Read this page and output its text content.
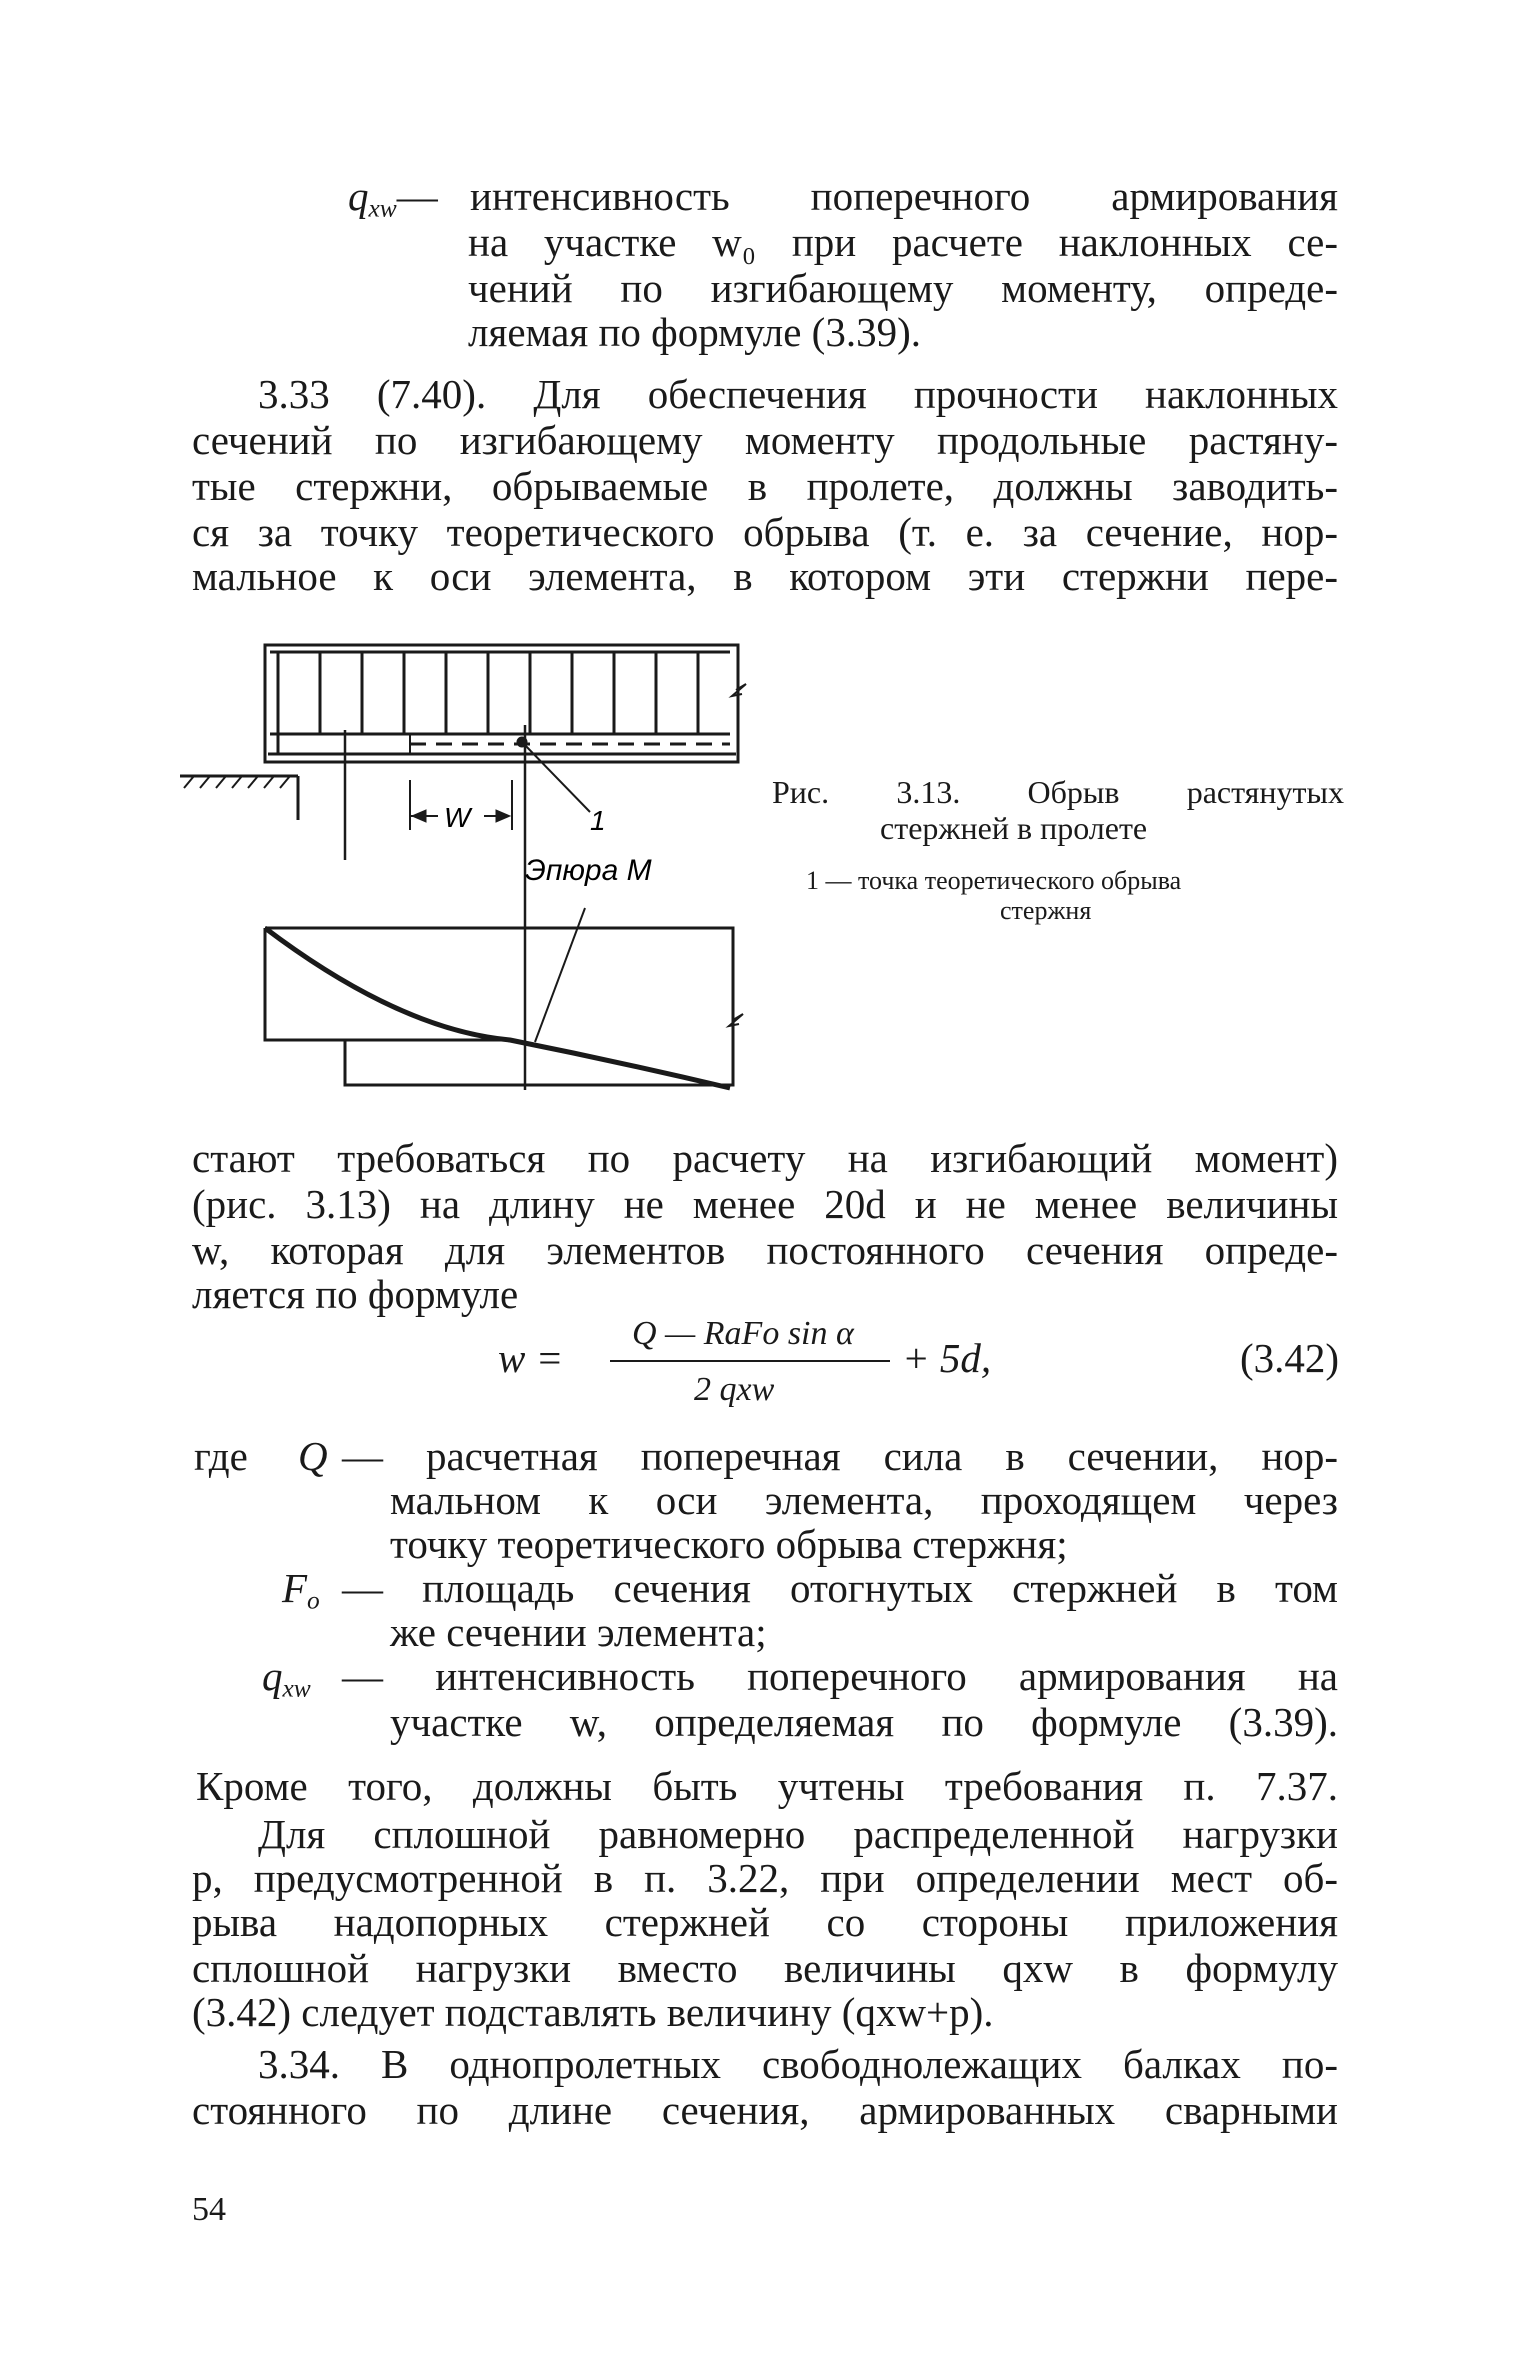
$q_{xw}—$ интенсивность поперечного армирования
на участке w₀ при расчете наклонных се-
чений по изгибающему моменту, опреде-
ляемая по формуле (3.39).
3.33 (7.40). Для обеспечения прочности наклонных
сечений по изгибающему моменту продольные растяну-
тые стержни, обрываемые в пролете, должны заводить-
ся за точку теоретического обрыва (т. е. за сечение, нор-
мальное к оси элемента, в котором эти стержни пере-
W	1
Эпюра M
Рис. 3.13. Обрыв растянутых
стержней в пролете
1 — точка теоретического обрыва
стержня
стают требоваться по расчету на изгибающий момент)
(рис. 3.13) на длину не менее 20d и не менее величины
w, которая для элементов постоянного сечения опреде-
ляется по формуле
w =
Q — RaFo sin α
2 qxw
+ 5d,	(3.42)
где Q — расчетная поперечная сила в сечении, нор-
мальном к оси элемента, проходящем через
точку теоретического обрыва стержня;
$F_o$ — площадь сечения отогнутых стержней в том
же сечении элемента;
$q_{xw}$ — интенсивность поперечного армирования на
участке w, определяемая по формуле (3.39).
Кроме того, должны быть учтены требования п. 7.37.
Для сплошной равномерно распределенной нагрузки
p, предусмотренной в п. 3.22, при определении мест об-
рыва надопорных стержней со стороны приложения
сплошной нагрузки вместо величины qxw в формулу
(3.42) следует подставлять величину (qxw+p).
3.34. В однопролетных свободнолежащих балках по-
стоянного по длине сечения, армированных сварными
54
